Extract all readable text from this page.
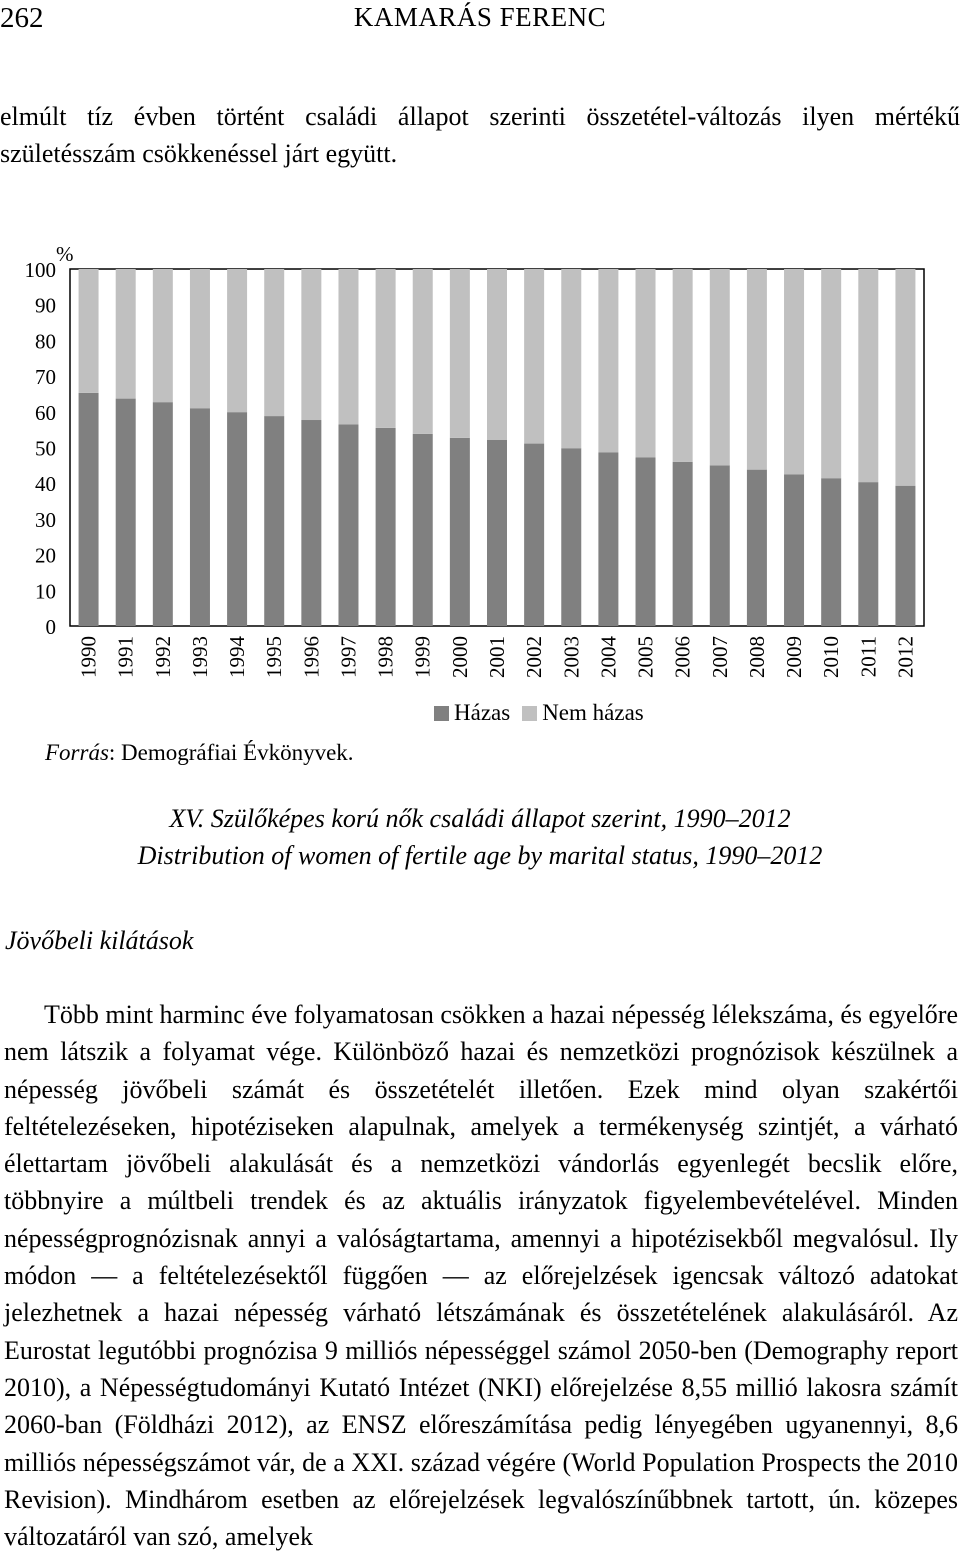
262	KAMARÁS FERENC

elmúlt tíz évben történt családi állapot szerinti összetétel-változás ilyen mértékű születésszám csökkenéssel járt együtt.

100
90
80
70
60
50
40
30
20
10
0
%
1990 1991 1992 1993 1994 1995 1996 1997 1998 1999 2000 2001 2002 2003 2004 2005 2006 2007 2008 2009 2010 2011 2012
Házas Nem házas
Forrás: Demográfiai Évkönyvek.
XV. Szülőképes korú nők családi állapot szerint, 1990–2012
Distribution of women of fertile age by marital status, 1990–2012
Jövőbeli kilátások

Több mint harminc éve folyamatosan csökken a hazai népesség lélekszáma, és egyelőre nem látszik a folyamat vége. Különböző hazai és nemzetközi prognózisok készülnek a népesség jövőbeli számát és összetételét illetően. Ezek mind olyan szakértői feltételezéseken, hipotéziseken alapulnak, amelyek a termékenység szintjét, a várható élettartam jövőbeli alakulását és a nemzetközi vándorlás egyenlegét becslik előre, többnyire a múltbeli trendek és az aktuális irányzatok figyelembevételével. Minden népességprognózisnak annyi a valóságtartama, amennyi a hipotézisekből megvalósul. Ily módon — a feltételezésektől függően — az előrejelzések igencsak változó adatokat jelezhetnek a hazai népesség várható létszámának és összetételének alakulásáról. Az Eurostat legutóbbi prognózisa 9 milliós népességgel számol 2050-ben (Demography report 2010), a Népességtudományi Kutató Intézet (NKI) előrejelzése 8,55 millió lakosra számít 2060-ban (Földházi 2012), az ENSZ előreszámítása pedig lényegében ugyanennyi, 8,6 milliós népességszámot vár, de a XXI. század végére (World Population Prospects the 2010 Revision). Mindhárom esetben az előrejelzések legvalószínűbbnek tartott, ún. közepes változatáról van szó, amelyek
